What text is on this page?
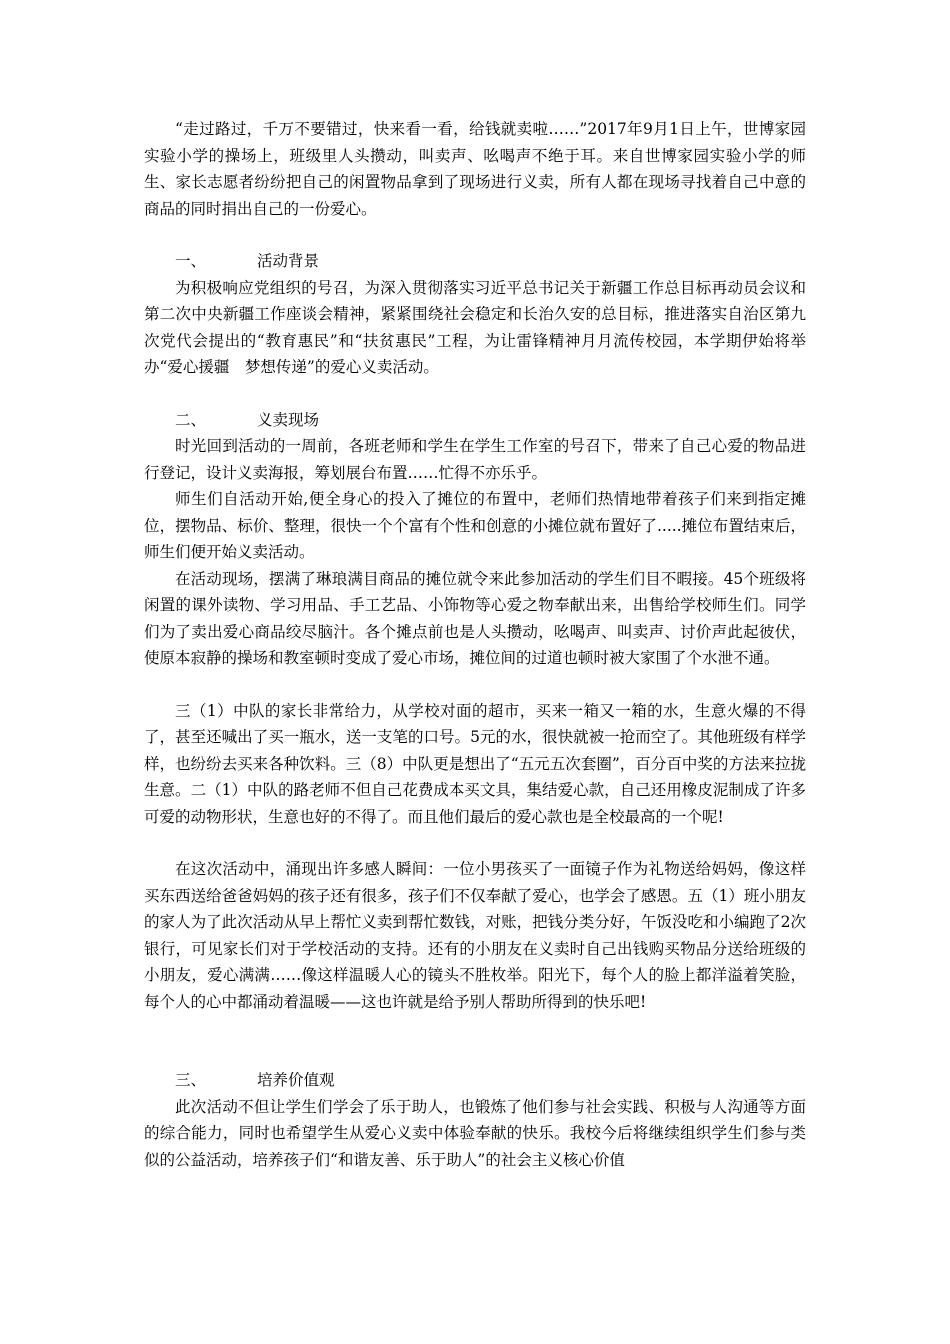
“走过路过，千万不要错过，快来看一看，给钱就卖啦……”2017年9月1日上午，世博家园实验小学的操场上，班级里人头攒动，叫卖声、吆喝声不绝于耳。来自世博家园实验小学的师生、家长志愿者纷纷把自己的闲置物品拿到了现场进行义卖，所有人都在现场寻找着自己中意的商品的同时捐出自己的一份爱心。

一、	活动背景

为积极响应党组织的号召，为深入贯彻落实习近平总书记关于新疆工作总目标再动员会议和第二次中央新疆工作座谈会精神，紧紧围绕社会稳定和长治久安的总目标，推进落实自治区第九次党代会提出的“教育惠民”和“扶贫惠民”工程，为让雷锋精神月月流传校园，本学期伊始将举办“爱心援疆　梦想传递”的爱心义卖活动。

二、	义卖现场

时光回到活动的一周前，各班老师和学生在学生工作室的号召下，带来了自己心爱的物品进行登记，设计义卖海报，筹划展台布置……忙得不亦乐乎。

师生们自活动开始,便全身心的投入了摊位的布置中，老师们热情地带着孩子们来到指定摊位，摆物品、标价、整理，很快一个个富有个性和创意的小摊位就布置好了.....摊位布置结束后，师生们便开始义卖活动。

在活动现场，摆满了琳琅满目商品的摊位就令来此参加活动的学生们目不暇接。45个班级将闲置的课外读物、学习用品、手工艺品、小饰物等心爱之物奉献出来，出售给学校师生们。同学们为了卖出爱心商品绞尽脑汁。各个摊点前也是人头攒动，吆喝声、叫卖声、讨价声此起彼伏，使原本寂静的操场和教室顿时变成了爱心市场，摊位间的过道也顿时被大家围了个水泄不通。

三（1）中队的家长非常给力，从学校对面的超市，买来一箱又一箱的水，生意火爆的不得了，甚至还喊出了买一瓶水，送一支笔的口号。5元的水，很快就被一抢而空了。其他班级有样学样，也纷纷去买来各种饮料。三（8）中队更是想出了“五元五次套圈”，百分百中奖的方法来拉拢生意。二（1）中队的路老师不但自己花费成本买文具，集结爱心款，自己还用橡皮泥制成了许多可爱的动物形状，生意也好的不得了。而且他们最后的爱心款也是全校最高的一个呢!

在这次活动中，涌现出许多感人瞬间：一位小男孩买了一面镜子作为礼物送给妈妈，像这样买东西送给爸爸妈妈的孩子还有很多，孩子们不仅奉献了爱心，也学会了感恩。五（1）班小朋友的家人为了此次活动从早上帮忙义卖到帮忙数钱，对账，把钱分类分好，午饭没吃和小编跑了2次银行，可见家长们对于学校活动的支持。还有的小朋友在义卖时自己出钱购买物品分送给班级的小朋友，爱心满满……像这样温暖人心的镜头不胜枚举。阳光下，每个人的脸上都洋溢着笑脸，每个人的心中都涌动着温暖——这也许就是给予别人帮助所得到的快乐吧!

三、	培养价值观

此次活动不但让学生们学会了乐于助人，也锻炼了他们参与社会实践、积极与人沟通等方面的综合能力，同时也希望学生从爱心义卖中体验奉献的快乐。我校今后将继续组织学生们参与类似的公益活动，培养孩子们“和谐友善、乐于助人”的社会主义核心价值
